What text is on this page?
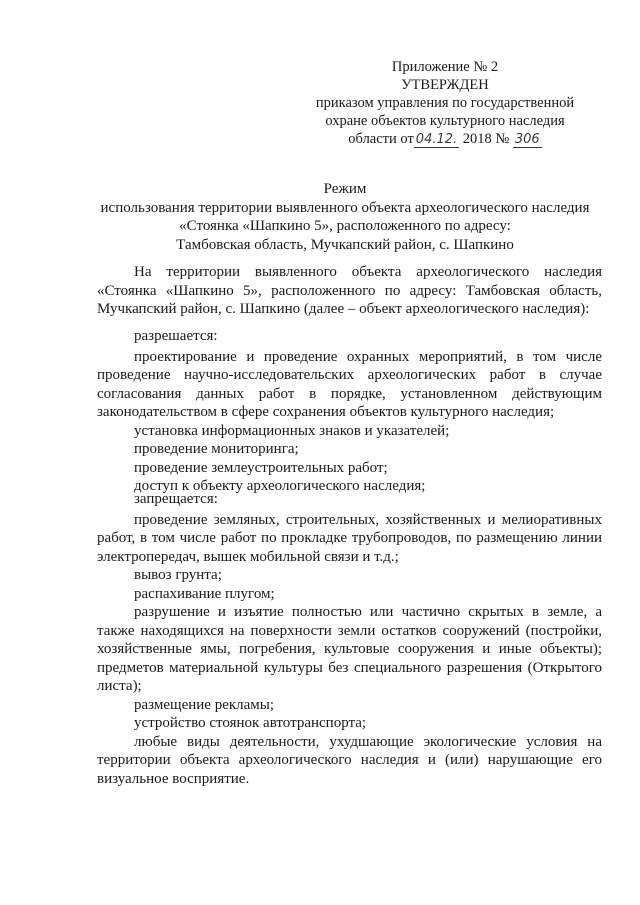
Приложение № 2
УТВЕРЖДЕН
приказом управления по государственной
охране объектов культурного наследия
области от 04.12. 2018 № 306
Режим
использования территории выявленного объекта археологического наследия
«Стоянка «Шапкино 5», расположенного по адресу:
Тамбовская область, Мучкапский район, с. Шапкино

На территории выявленного объекта археологического наследия «Стоянка «Шапкино 5», расположенного по адресу: Тамбовская область, Мучкапский район, с. Шапкино (далее – объект археологического наследия):

разрешается:

проектирование и проведение охранных мероприятий, в том числе проведение научно-исследовательских археологических работ в случае согласования данных работ в порядке, установленном действующим законодательством в сфере сохранения объектов культурного наследия;

установка информационных знаков и указателей;

проведение мониторинга;

проведение землеустроительных работ;

доступ к объекту археологического наследия;

запрещается:

проведение земляных, строительных, хозяйственных и мелиоративных работ, в том числе работ по прокладке трубопроводов, по размещению линии электропередач, вышек мобильной связи и т.д.;

вывоз грунта;

распахивание плугом;

разрушение и изъятие полностью или частично скрытых в земле, а также находящихся на поверхности земли остатков сооружений (постройки, хозяйственные ямы, погребения, культовые сооружения и иные объекты); предметов материальной культуры без специального разрешения (Открытого листа);

размещение рекламы;

устройство стоянок автотранспорта;

любые виды деятельности, ухудшающие экологические условия на территории объекта археологического наследия и (или) нарушающие его визуальное восприятие.
